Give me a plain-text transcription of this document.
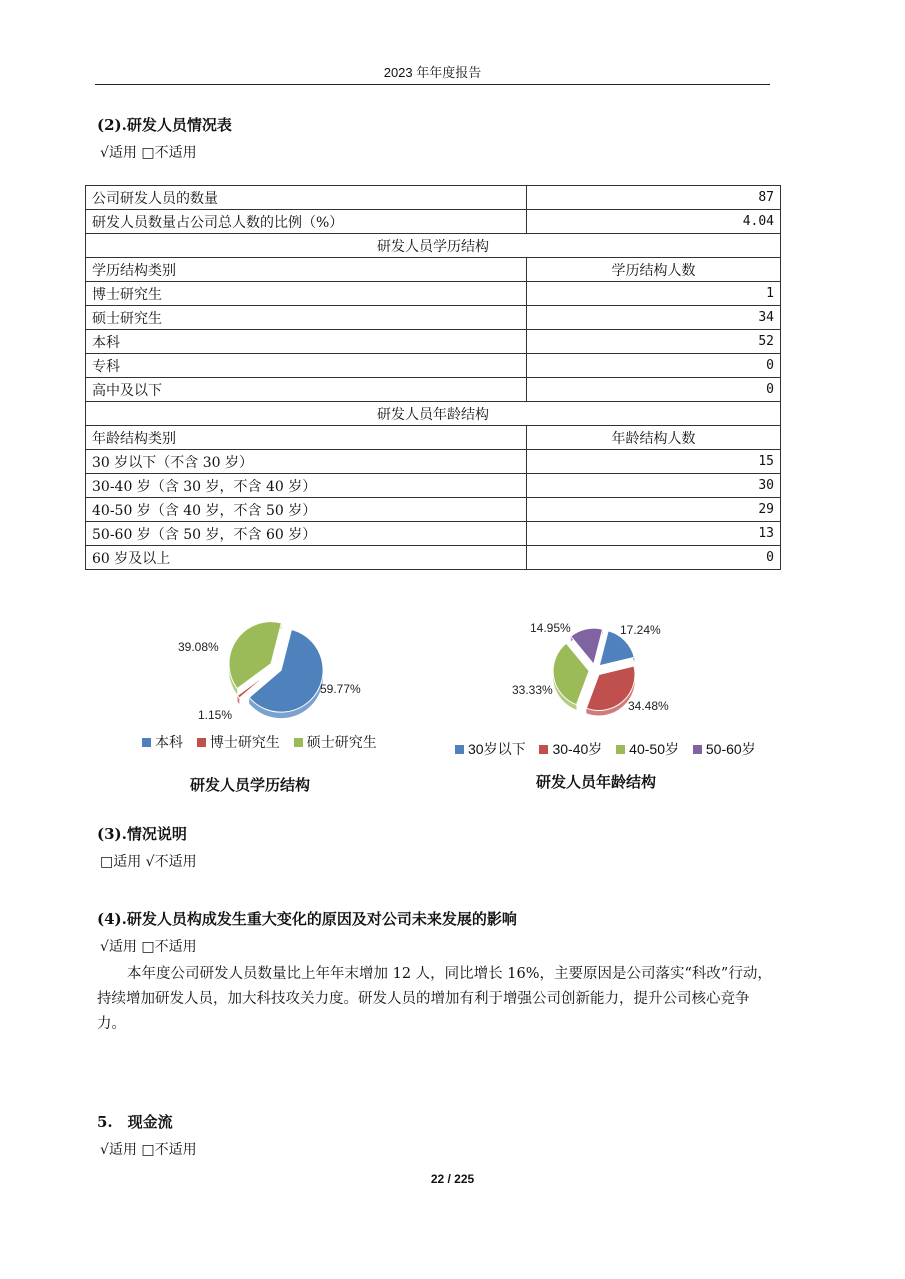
2023 年年度报告
(2).研发人员情况表
√适用 □不适用
公司研发人员的数量	87
研发人员数量占公司总人数的比例（%）	4.04
研发人员学历结构	
学历结构类别	学历结构人数
博士研究生	1
硕士研究生	34
本科	52
专科	0
高中及以下	0
研发人员年龄结构	
年龄结构类别	年龄结构人数
30 岁以下（不含 30 岁）	15
30-40 岁（含 30 岁，不含 40 岁）	30
40-50 岁（含 40 岁，不含 50 岁）	29
50-60 岁（含 50 岁，不含 60 岁）	13
60 岁及以上	0
59.77%
1.15%
39.08%
本科 博士研究生 硕士研究生
研发人员学历结构
17.24%
34.48%
33.33%
14.95%
30岁以下 30-40岁 40-50岁 50-60岁
研发人员年龄结构
(3).情况说明
□适用 √不适用
(4).研发人员构成发生重大变化的原因及对公司未来发展的影响
√适用 □不适用
本年度公司研发人员数量比上年年末增加 12 人，同比增长 16%，主要原因是公司落实“科改”行动，持续增加研发人员，加大科技攻关力度。研发人员的增加有利于增强公司创新能力，提升公司核心竞争力。
5.　现金流
√适用 □不适用
22 / 225
